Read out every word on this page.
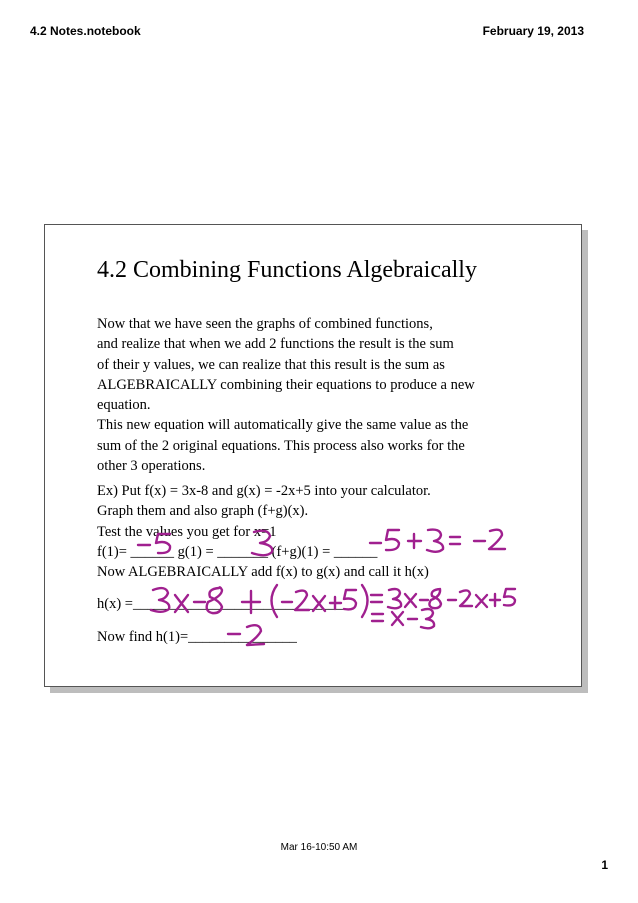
4.2 Notes.notebook	February 19, 2013
4.2 Combining Functions Algebraically
Now that we have seen the graphs of combined functions,
and realize that when we add 2 functions the result is the sum
of their y values, we can realize that this result is the sum as
ALGEBRAICALLY combining their equations to produce a new
equation.
This new equation will automatically give the same value as the
sum of the 2 original equations. This process also works for the
other 3 operations.
Ex) Put f(x) = 3x-8 and g(x) = -2x+5 into your calculator.
Graph them and also graph (f+g)(x).
Test the values you get for x=1
f(1)= ______ g(1) = _______ (f+g)(1) = ______
Now ALGEBRAICALLY add f(x) to g(x) and call it h(x)
h(x) =______________________________
Now find h(1)=_______________
Mar 16-10:50 AM
1
